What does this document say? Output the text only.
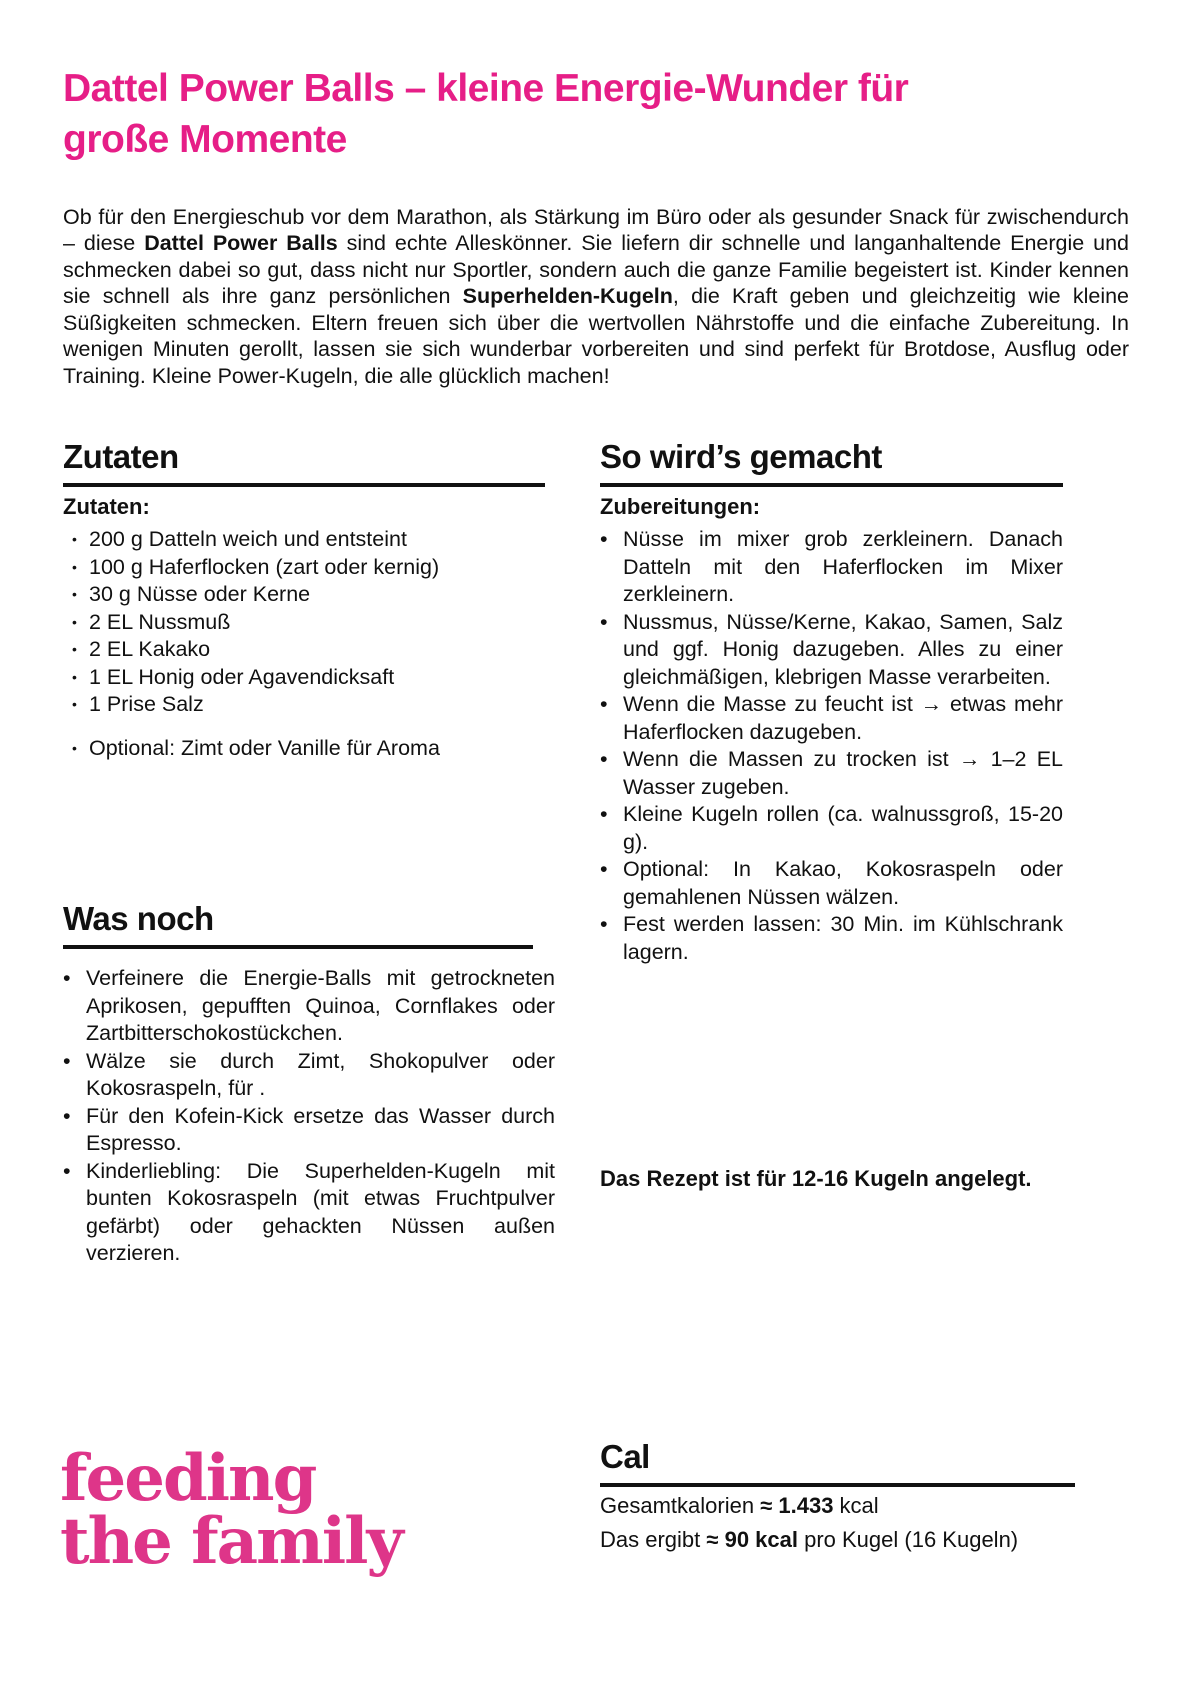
Dattel Power Balls – kleine Energie-Wunder für
große Momente

Ob für den Energieschub vor dem Marathon, als Stärkung im Büro oder als gesunder Snack für zwischendurch – diese Dattel Power Balls sind echte Alleskönner. Sie liefern dir schnelle und langanhaltende Energie und schmecken dabei so gut, dass nicht nur Sportler, sondern auch die ganze Familie begeistert ist. Kinder kennen sie schnell als ihre ganz persönlichen Superhelden-Kugeln, die Kraft geben und gleichzeitig wie kleine Süßigkeiten schmecken. Eltern freuen sich über die wertvollen Nährstoffe und die einfache Zubereitung. In wenigen Minuten gerollt, lassen sie sich wunderbar vorbereiten und sind perfekt für Brotdose, Ausflug oder Training. Kleine Power-Kugeln, die alle glücklich machen!

Zutaten
Zutaten:
• 200 g Datteln weich und entsteint
• 100 g Haferflocken (zart oder kernig)
• 30 g Nüsse oder Kerne
• 2 EL Nussmuß
• 2 EL Kakako
• 1 EL Honig oder Agavendicksaft
• 1 Prise Salz
• Optional: Zimt oder Vanille für Aroma
So wird’s gemacht
Zubereitungen:
• Nüsse im mixer grob zerkleinern. Danach Datteln mit den Haferflocken im Mixer zerkleinern.
• Nussmus, Nüsse/Kerne, Kakao, Samen, Salz und ggf. Honig dazugeben. Alles zu einer gleichmäßigen, klebrigen Masse verarbeiten.
• Wenn die Masse zu feucht ist → etwas mehr Haferflocken dazugeben.
• Wenn die Massen zu trocken ist → 1–2 EL Wasser zugeben.
• Kleine Kugeln rollen (ca. walnussgroß, 15-20 g).
• Optional: In Kakao, Kokosraspeln oder gemahlenen Nüssen wälzen.
• Fest werden lassen: 30 Min. im Kühlschrank lagern.
Was noch
• Verfeinere die Energie-Balls mit getrockneten Aprikosen, gepufften Quinoa, Cornflakes oder Zartbitterschokostückchen.
• Wälze sie durch Zimt, Shokopulver oder Kokosraspeln, für .
• Für den Kofein-Kick ersetze das Wasser durch Espresso.
• Kinderliebling: Die Superhelden-Kugeln mit bunten Kokosraspeln (mit etwas Fruchtpulver gefärbt) oder gehackten Nüssen außen verzieren.
Das Rezept ist für 12-16 Kugeln angelegt.
Cal
Gesamtkalorien ≈ 1.433 kcal
Das ergibt ≈ 90 kcal pro Kugel (16 Kugeln)
feeding
the family
